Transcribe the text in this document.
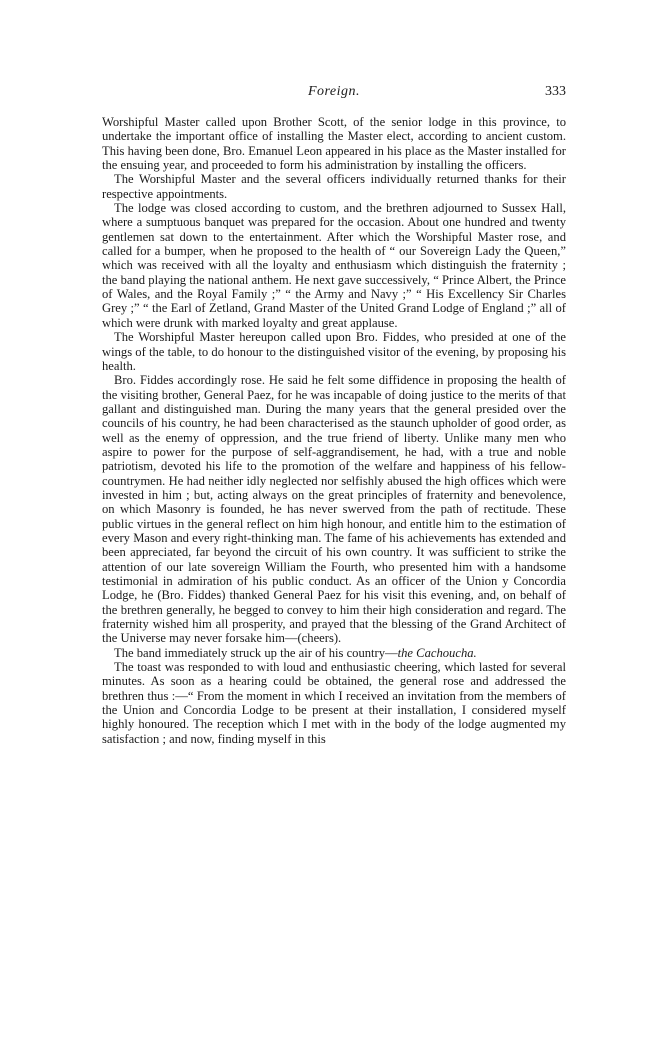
Foreign.	333

Worshipful Master called upon Brother Scott, of the senior lodge in this province, to undertake the important office of installing the Master elect, according to ancient custom. This having been done, Bro. Emanuel Leon appeared in his place as the Master installed for the ensuing year, and proceeded to form his administration by installing the officers.

The Worshipful Master and the several officers individually returned thanks for their respective appointments.

The lodge was closed according to custom, and the brethren adjourned to Sussex Hall, where a sumptuous banquet was prepared for the occasion. About one hundred and twenty gentlemen sat down to the entertainment. After which the Worshipful Master rose, and called for a bumper, when he proposed to the health of “ our Sovereign Lady the Queen,” which was received with all the loyalty and enthusiasm which distinguish the fraternity ; the band playing the national anthem. He next gave successively, “ Prince Albert, the Prince of Wales, and the Royal Family ;” “ the Army and Navy ;” “ His Excellency Sir Charles Grey ;” “ the Earl of Zetland, Grand Master of the United Grand Lodge of England ;” all of which were drunk with marked loyalty and great applause.

The Worshipful Master hereupon called upon Bro. Fiddes, who presided at one of the wings of the table, to do honour to the distinguished visitor of the evening, by proposing his health.

Bro. Fiddes accordingly rose. He said he felt some diffidence in proposing the health of the visiting brother, General Paez, for he was incapable of doing justice to the merits of that gallant and distinguished man. During the many years that the general presided over the councils of his country, he had been characterised as the staunch upholder of good order, as well as the enemy of oppression, and the true friend of liberty. Unlike many men who aspire to power for the purpose of self-aggrandisement, he had, with a true and noble patriotism, devoted his life to the promotion of the welfare and happiness of his fellow-countrymen. He had neither idly neglected nor selfishly abused the high offices which were invested in him ; but, acting always on the great principles of fraternity and benevolence, on which Masonry is founded, he has never swerved from the path of rectitude. These public virtues in the general reflect on him high honour, and entitle him to the estimation of every Mason and every right-thinking man. The fame of his achievements has extended and been appreciated, far beyond the circuit of his own country. It was sufficient to strike the attention of our late sovereign William the Fourth, who presented him with a handsome testimonial in admiration of his public conduct. As an officer of the Union y Concordia Lodge, he (Bro. Fiddes) thanked General Paez for his visit this evening, and, on behalf of the brethren generally, he begged to convey to him their high consideration and regard. The fraternity wished him all prosperity, and prayed that the blessing of the Grand Architect of the Universe may never forsake him—(cheers).

The band immediately struck up the air of his country—the Cachoucha.

The toast was responded to with loud and enthusiastic cheering, which lasted for several minutes. As soon as a hearing could be obtained, the general rose and addressed the brethren thus :—“ From the moment in which I received an invitation from the members of the Union and Concordia Lodge to be present at their installation, I considered myself highly honoured. The reception which I met with in the body of the lodge augmented my satisfaction ; and now, finding myself in this
